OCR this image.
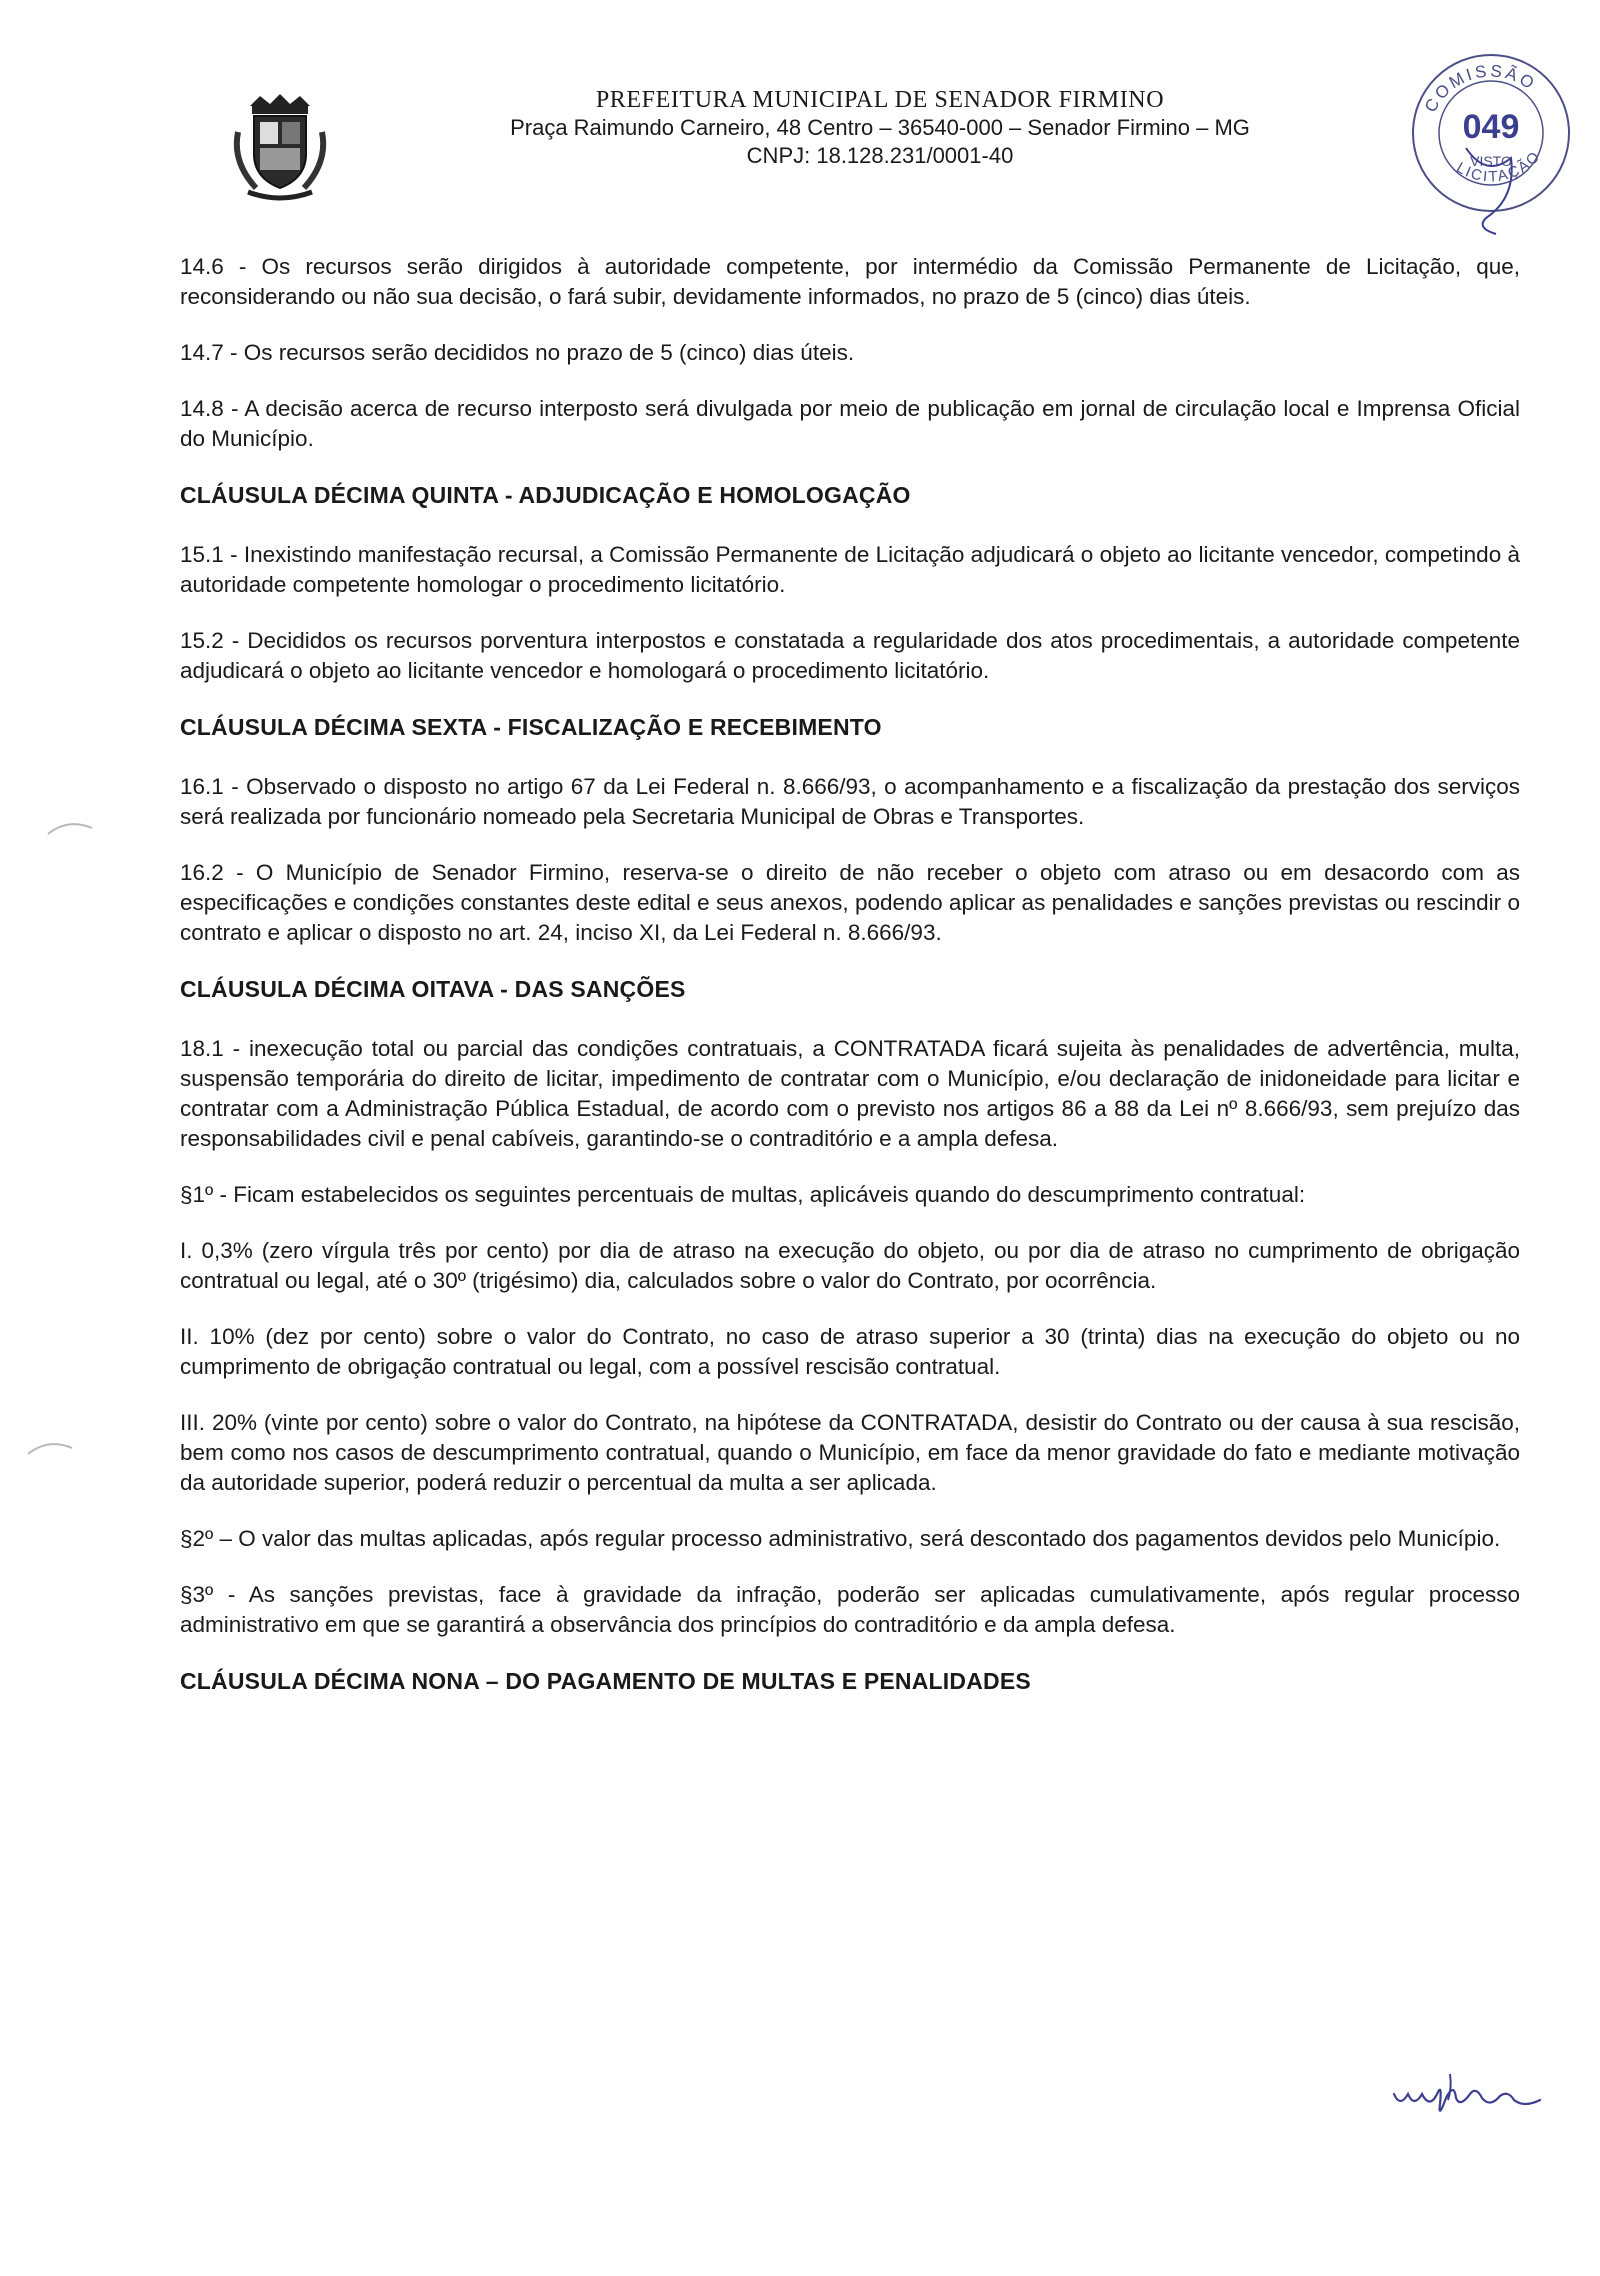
PREFEITURA MUNICIPAL DE SENADOR FIRMINO
Praça Raimundo Carneiro, 48 Centro – 36540-000 – Senador Firmino – MG
CNPJ: 18.128.231/0001-40
COMISSÃO
LICITAÇÃO
049
VISTO

14.6 - Os recursos serão dirigidos à autoridade competente, por intermédio da Comissão Permanente de Licitação, que, reconsiderando ou não sua decisão, o fará subir, devidamente informados, no prazo de 5 (cinco) dias úteis.

14.7 - Os recursos serão decididos no prazo de 5 (cinco) dias úteis.

14.8 - A decisão acerca de recurso interposto será divulgada por meio de publicação em jornal de circulação local e Imprensa Oficial do Município.

CLÁUSULA DÉCIMA QUINTA - ADJUDICAÇÃO E HOMOLOGAÇÃO

15.1 - Inexistindo manifestação recursal, a Comissão Permanente de Licitação adjudicará o objeto ao licitante vencedor, competindo à autoridade competente homologar o procedimento licitatório.

15.2 - Decididos os recursos porventura interpostos e constatada a regularidade dos atos procedimentais, a autoridade competente adjudicará o objeto ao licitante vencedor e homologará o procedimento licitatório.

CLÁUSULA DÉCIMA SEXTA - FISCALIZAÇÃO E RECEBIMENTO

16.1 - Observado o disposto no artigo 67 da Lei Federal n. 8.666/93, o acompanhamento e a fiscalização da prestação dos serviços será realizada por funcionário nomeado pela Secretaria Municipal de Obras e Transportes.

16.2 - O Município de Senador Firmino, reserva-se o direito de não receber o objeto com atraso ou em desacordo com as especificações e condições constantes deste edital e seus anexos, podendo aplicar as penalidades e sanções previstas ou rescindir o contrato e aplicar o disposto no art. 24, inciso XI, da Lei Federal n. 8.666/93.

CLÁUSULA DÉCIMA OITAVA - DAS SANÇÕES

18.1 - inexecução total ou parcial das condições contratuais, a CONTRATADA ficará sujeita às penalidades de advertência, multa, suspensão temporária do direito de licitar, impedimento de contratar com o Município, e/ou declaração de inidoneidade para licitar e contratar com a Administração Pública Estadual, de acordo com o previsto nos artigos 86 a 88 da Lei nº 8.666/93, sem prejuízo das responsabilidades civil e penal cabíveis, garantindo-se o contraditório e a ampla defesa.

§1º - Ficam estabelecidos os seguintes percentuais de multas, aplicáveis quando do descumprimento contratual:

I. 0,3% (zero vírgula três por cento) por dia de atraso na execução do objeto, ou por dia de atraso no cumprimento de obrigação contratual ou legal, até o 30º (trigésimo) dia, calculados sobre o valor do Contrato, por ocorrência.

II. 10% (dez por cento) sobre o valor do Contrato, no caso de atraso superior a 30 (trinta) dias na execução do objeto ou no cumprimento de obrigação contratual ou legal, com a possível rescisão contratual.

III. 20% (vinte por cento) sobre o valor do Contrato, na hipótese da CONTRATADA, desistir do Contrato ou der causa à sua rescisão, bem como nos casos de descumprimento contratual, quando o Município, em face da menor gravidade do fato e mediante motivação da autoridade superior, poderá reduzir o percentual da multa a ser aplicada.

§2º – O valor das multas aplicadas, após regular processo administrativo, será descontado dos pagamentos devidos pelo Município.

§3º - As sanções previstas, face à gravidade da infração, poderão ser aplicadas cumulativamente, após regular processo administrativo em que se garantirá a observância dos princípios do contraditório e da ampla defesa.

CLÁUSULA DÉCIMA NONA – DO PAGAMENTO DE MULTAS E PENALIDADES
